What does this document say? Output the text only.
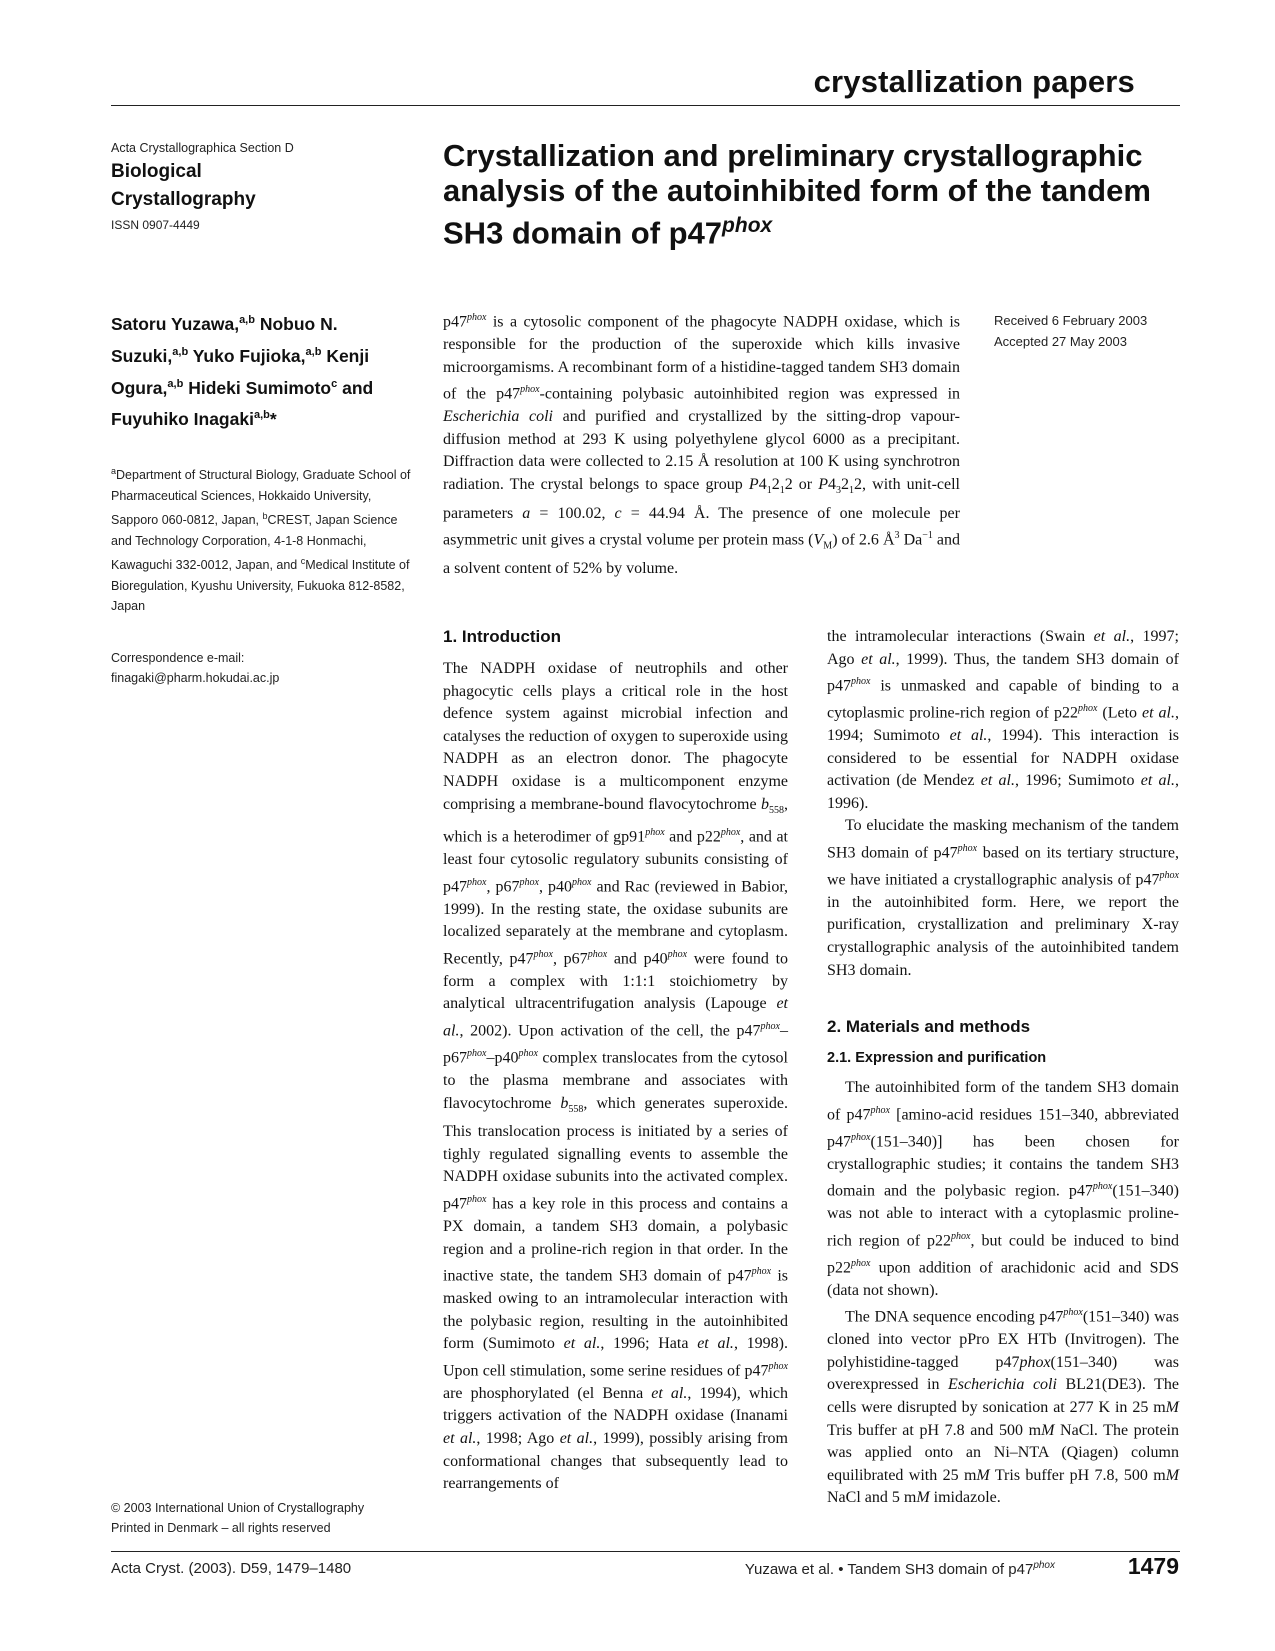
crystallization papers
Acta Crystallographica Section D
Biological
Crystallography
ISSN 0907-4449
Crystallization and preliminary crystallographic analysis of the autoinhibited form of the tandem SH3 domain of $p47^{phox}$
Satoru Yuzawa,$^{a,b}$ Nobuo N. Suzuki,$^{a,b}$ Yuko Fujioka,$^{a,b}$ Kenji Ogura,$^{a,b}$ Hideki Sumimoto$^c$ and Fuyuhiko Inagaki$^{a,b}$*
$^a$Department of Structural Biology, Graduate School of Pharmaceutical Sciences, Hokkaido University, Sapporo 060-0812, Japan, $^b$CREST, Japan Science and Technology Corporation, 4-1-8 Honmachi, Kawaguchi 332-0012, Japan, and $^c$Medical Institute of Bioregulation, Kyushu University, Fukuoka 812-8582, Japan
Correspondence e-mail:
finagaki@pharm.hokudai.ac.jp
$p47^{phox}$ is a cytosolic component of the phagocyte NADPH oxidase, which is responsible for the production of the superoxide which kills invasive microorgamisms. A recombinant form of a histidine-tagged tandem SH3 domain of the $p47^{phox}$-containing polybasic autoinhibited region was expressed in Escherichia coli and purified and crystallized by the sitting-drop vapour-diffusion method at 293 K using polyethylene glycol 6000 as a precipitant. Diffraction data were collected to 2.15 Å resolution at 100 K using synchrotron radiation. The crystal belongs to space group $P4_12_12$ or $P4_32_12$, with unit-cell parameters a = 100.02, c = 44.94 Å. The presence of one molecule per asymmetric unit gives a crystal volume per protein mass $(V_M)$ of 2.6 $Å^3$ $Da^{-1}$ and a solvent content of 52% by volume.
Received 6 February 2003
Accepted 27 May 2003
1. Introduction

The NADPH oxidase of neutrophils and other phagocytic cells plays a critical role in the host defence system against microbial infection and catalyses the reduction of oxygen to superoxide using NADPH as an electron donor. The phagocyte NADPH oxidase is a multicomponent enzyme comprising a membrane-bound flavocytochrome $b_{558}$, which is a heterodimer of $gp91^{phox}$ and $p22^{phox}$, and at least four cytosolic regulatory subunits consisting of $p47^{phox}$, $p67^{phox}$, $p40^{phox}$ and Rac (reviewed in Babior, 1999). In the resting state, the oxidase subunits are localized separately at the membrane and cytoplasm. Recently, $p47^{phox}$, $p67^{phox}$ and $p40^{phox}$ were found to form a complex with 1:1:1 stoichiometry by analytical ultracentrifugation analysis (Lapouge et al., 2002). Upon activation of the cell, the $p47^{phox}-p67^{phox}-p40^{phox}$ complex translocates from the cytosol to the plasma membrane and associates with flavocytochrome $b_{558}$, which generates superoxide. This translocation process is initiated by a series of tighly regulated signalling events to assemble the NADPH oxidase subunits into the activated complex. $p47^{phox}$ has a key role in this process and contains a PX domain, a tandem SH3 domain, a polybasic region and a proline-rich region in that order. In the inactive state, the tandem SH3 domain of $p47^{phox}$ is masked owing to an intramolecular interaction with the polybasic region, resulting in the autoinhibited form (Sumimoto et al., 1996; Hata et al., 1998). Upon cell stimulation, some serine residues of $p47^{phox}$ are phosphorylated (el Benna et al., 1994), which triggers activation of the NADPH oxidase (Inanami et al., 1998; Ago et al., 1999), possibly arising from conformational changes that subsequently lead to rearrangements of

the intramolecular interactions (Swain et al., 1997; Ago et al., 1999). Thus, the tandem SH3 domain of $p47^{phox}$ is unmasked and capable of binding to a cytoplasmic proline-rich region of $p22^{phox}$ (Leto et al., 1994; Sumimoto et al., 1994). This interaction is considered to be essential for NADPH oxidase activation (de Mendez et al., 1996; Sumimoto et al., 1996).

To elucidate the masking mechanism of the tandem SH3 domain of $p47^{phox}$ based on its tertiary structure, we have initiated a crystallographic analysis of $p47^{phox}$ in the autoinhibited form. Here, we report the purification, crystallization and preliminary X-ray crystallographic analysis of the autoinhibited tandem SH3 domain.

2. Materials and methods
2.1. Expression and purification

The autoinhibited form of the tandem SH3 domain of $p47^{phox}$ [amino-acid residues 151–340, abbreviated $p47^{phox}(151-340)$] has been chosen for crystallographic studies; it contains the tandem SH3 domain and the polybasic region. $p47^{phox}(151-340)$ was not able to interact with a cytoplasmic proline-rich region of $p22^{phox}$, but could be induced to bind $p22^{phox}$ upon addition of arachidonic acid and SDS (data not shown).

The DNA sequence encoding $p47^{phox}(151-340)$ was cloned into vector pPro EX HTb (Invitrogen). The polyhistidine-tagged p47phox(151–340) was overexpressed in Escherichia coli BL21(DE3). The cells were disrupted by sonication at 277 K in 25 mM Tris buffer at pH 7.8 and 500 mM NaCl. The protein was applied onto an Ni–NTA (Qiagen) column equilibrated with 25 mM Tris buffer pH 7.8, 500 mM NaCl and 5 mM imidazole.

© 2003 International Union of Crystallography
Printed in Denmark – all rights reserved
Acta Cryst. (2003). D59, 1479–1480	Yuzawa et al. • Tandem SH3 domain of $p47^{phox}$	1479
